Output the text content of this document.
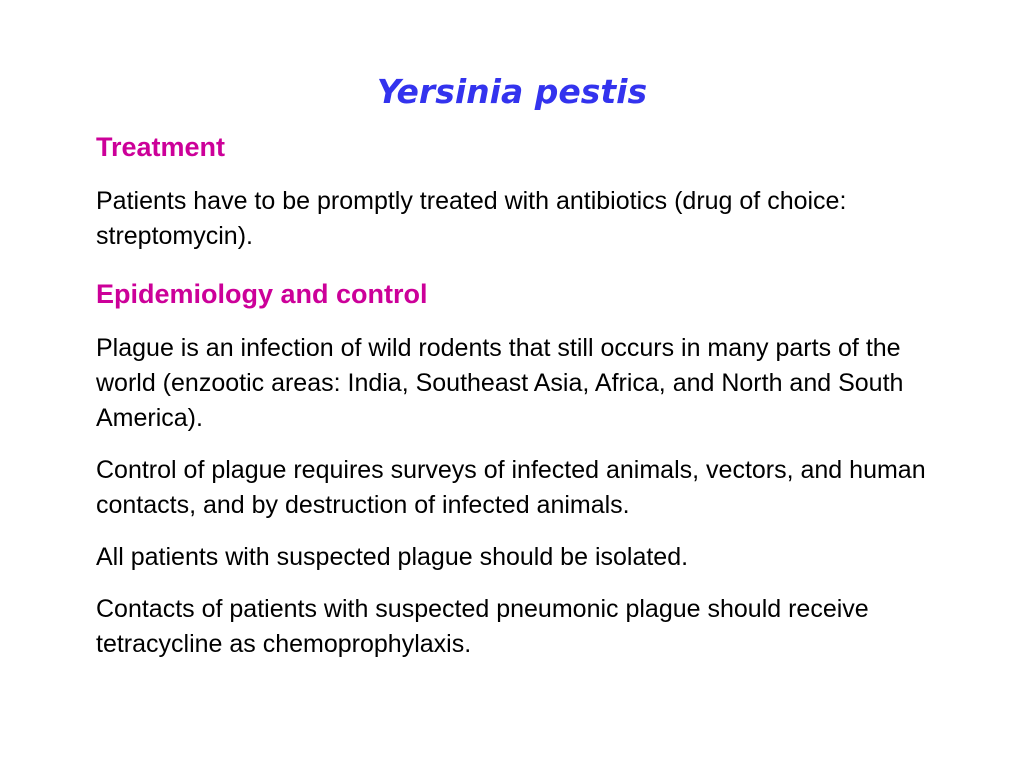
Yersinia pestis
Treatment

Patients have to be promptly treated with antibiotics (drug of choice: streptomycin).

Epidemiology and control

Plague is an infection of wild rodents that still occurs in many parts of the world (enzootic areas: India, Southeast Asia, Africa, and North and South America).

Control of plague requires surveys of infected animals, vectors, and human contacts, and by destruction of infected animals.

All patients with suspected plague should be isolated.

Contacts of patients with suspected pneumonic plague should receive tetracycline as chemoprophylaxis.
